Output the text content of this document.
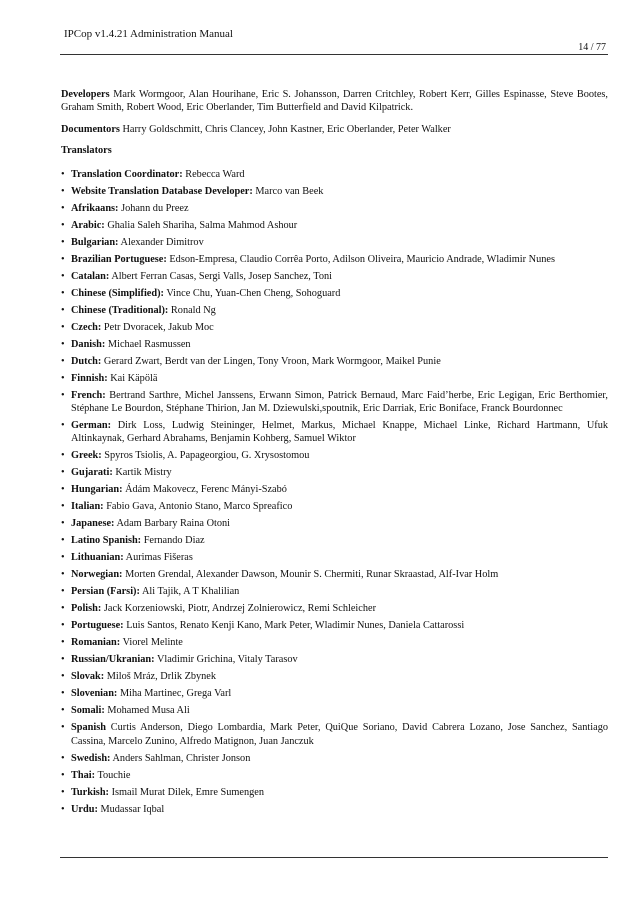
IPCop v1.4.21 Administration Manual
14 / 77

Developers Mark Wormgoor, Alan Hourihane, Eric S. Johansson, Darren Critchley, Robert Kerr, Gilles Espinasse, Steve Bootes, Graham Smith, Robert Wood, Eric Oberlander, Tim Butterfield and David Kilpatrick.

Documentors Harry Goldschmitt, Chris Clancey, John Kastner, Eric Oberlander, Peter Walker

Translators
• Translation Coordinator: Rebecca Ward
• Website Translation Database Developer: Marco van Beek
• Afrikaans: Johann du Preez
• Arabic: Ghalia Saleh Shariha, Salma Mahmod Ashour
• Bulgarian: Alexander Dimitrov
• Brazilian Portuguese: Edson-Empresa, Claudio Corrêa Porto, Adilson Oliveira, Mauricio Andrade, Wladimir Nunes
• Catalan: Albert Ferran Casas, Sergi Valls, Josep Sanchez, Toni
• Chinese (Simplified): Vince Chu, Yuan-Chen Cheng, Sohoguard
• Chinese (Traditional): Ronald Ng
• Czech: Petr Dvoracek, Jakub Moc
• Danish: Michael Rasmussen
• Dutch: Gerard Zwart, Berdt van der Lingen, Tony Vroon, Mark Wormgoor, Maikel Punie
• Finnish: Kai Käpölä
• French: Bertrand Sarthre, Michel Janssens, Erwann Simon, Patrick Bernaud, Marc Faid’herbe, Eric Legigan, Eric Berthomier, Stéphane Le Bourdon, Stéphane Thirion, Jan M. Dziewulski,spoutnik, Eric Darriak, Eric Boniface, Franck Bourdonnec
• German: Dirk Loss, Ludwig Steininger, Helmet, Markus, Michael Knappe, Michael Linke, Richard Hartmann, Ufuk Altinkaynak, Gerhard Abrahams, Benjamin Kohberg, Samuel Wiktor
• Greek: Spyros Tsiolis, A. Papageorgiou, G. Xrysostomou
• Gujarati: Kartik Mistry
• Hungarian: Ádám Makovecz, Ferenc Mányi-Szabó
• Italian: Fabio Gava, Antonio Stano, Marco Spreafico
• Japanese: Adam Barbary Raina Otoni
• Latino Spanish: Fernando Diaz
• Lithuanian: Aurimas Fišeras
• Norwegian: Morten Grendal, Alexander Dawson, Mounir S. Chermiti, Runar Skraastad, Alf-Ivar Holm
• Persian (Farsi): Ali Tajik, A T Khalilian
• Polish: Jack Korzeniowski, Piotr, Andrzej Zolnierowicz, Remi Schleicher
• Portuguese: Luis Santos, Renato Kenji Kano, Mark Peter, Wladimir Nunes, Daniela Cattarossi
• Romanian: Viorel Melinte
• Russian/Ukranian: Vladimir Grichina, Vitaly Tarasov
• Slovak: Miloš Mráz, Drlik Zbynek
• Slovenian: Miha Martinec, Grega Varl
• Somali: Mohamed Musa Ali
• Spanish Curtis Anderson, Diego Lombardia, Mark Peter, QuiQue Soriano, David Cabrera Lozano, Jose Sanchez, Santiago Cassina, Marcelo Zunino, Alfredo Matignon, Juan Janczuk
• Swedish: Anders Sahlman, Christer Jonson
• Thai: Touchie
• Turkish: Ismail Murat Dilek, Emre Sumengen
• Urdu: Mudassar Iqbal
